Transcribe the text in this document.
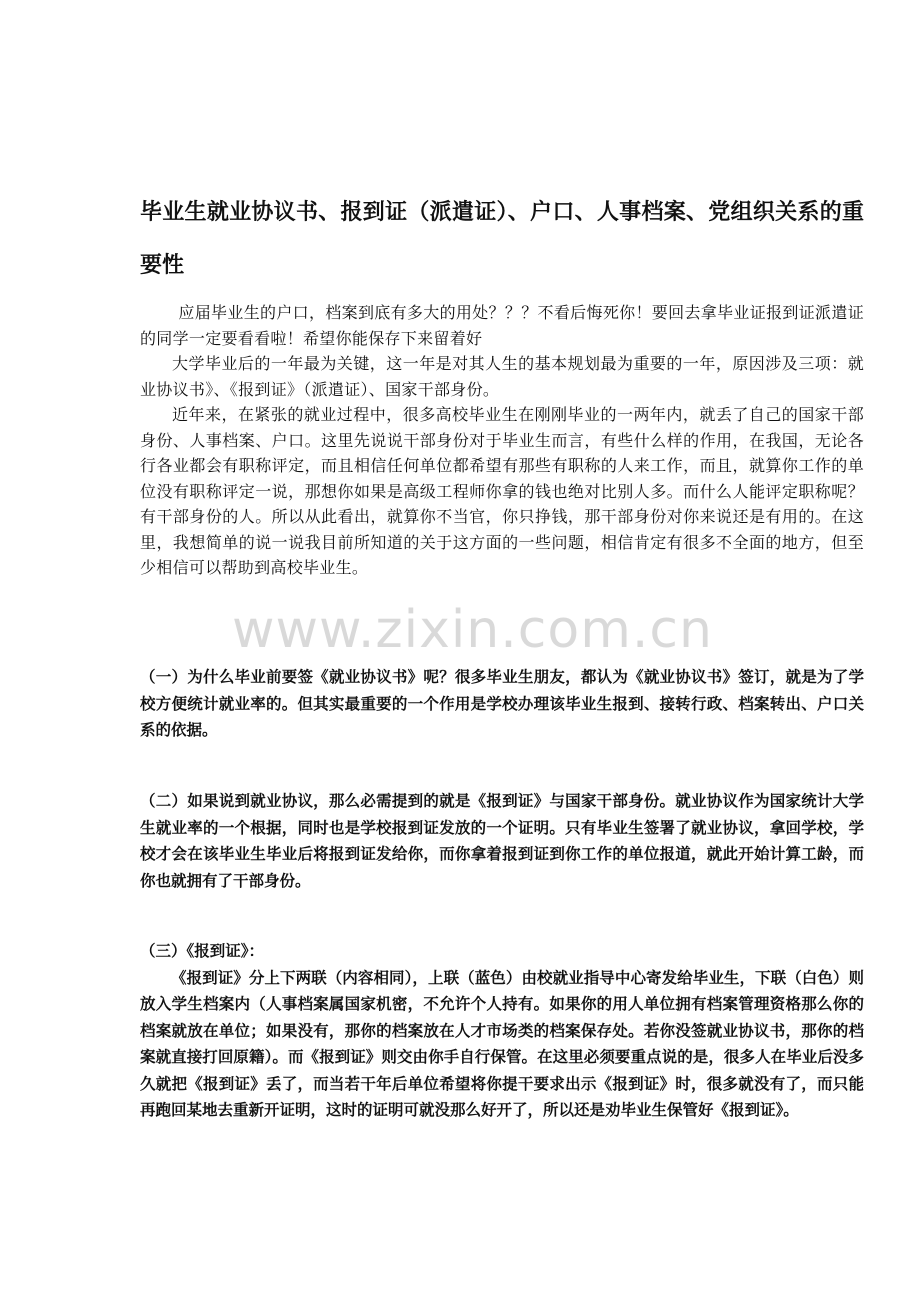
毕业生就业协议书、报到证（派遣证）、户口、人事档案、党组织关系的重要性

应届毕业生的户口，档案到底有多大的用处？？？不看后悔死你！要回去拿毕业证报到证派遣证的同学一定要看看啦！希望你能保存下来留着好

大学毕业后的一年最为关键，这一年是对其人生的基本规划最为重要的一年，原因涉及三项：就业协议书》、《报到证》（派遣证）、国家干部身份。

近年来，在紧张的就业过程中，很多高校毕业生在刚刚毕业的一两年内，就丢了自己的国家干部身份、人事档案、户口。这里先说说干部身份对于毕业生而言，有些什么样的作用，在我国，无论各行各业都会有职称评定，而且相信任何单位都希望有那些有职称的人来工作，而且，就算你工作的单位没有职称评定一说，那想你如果是高级工程师你拿的钱也绝对比别人多。而什么人能评定职称呢？有干部身份的人。所以从此看出，就算你不当官，你只挣钱，那干部身份对你来说还是有用的。在这里，我想简单的说一说我目前所知道的关于这方面的一些问题，相信肯定有很多不全面的地方，但至少相信可以帮助到高校毕业生。

（一）为什么毕业前要签《就业协议书》呢？很多毕业生朋友，都认为《就业协议书》签订，就是为了学校方便统计就业率的。但其实最重要的一个作用是学校办理该毕业生报到、接转行政、档案转出、户口关系的依据。

（二）如果说到就业协议，那么必需提到的就是《报到证》与国家干部身份。就业协议作为国家统计大学生就业率的一个根据，同时也是学校报到证发放的一个证明。只有毕业生签署了就业协议，拿回学校，学校才会在该毕业生毕业后将报到证发给你，而你拿着报到证到你工作的单位报道，就此开始计算工龄，而你也就拥有了干部身份。

（三）《报到证》：
《报到证》分上下两联（内容相同），上联（蓝色）由校就业指导中心寄发给毕业生，下联（白色）则放入学生档案内（人事档案属国家机密，不允许个人持有。如果你的用人单位拥有档案管理资格那么你的档案就放在单位；如果没有，那你的档案放在人才市场类的档案保存处。若你没签就业协议书，那你的档案就直接打回原籍）。而《报到证》则交由你手自行保管。在这里必须要重点说的是，很多人在毕业后没多久就把《报到证》丢了，而当若干年后单位希望将你提干要求出示《报到证》时，很多就没有了，而只能再跑回某地去重新开证明，这时的证明可就没那么好开了，所以还是劝毕业生保管好《报到证》。
www.zixin.com.cn
